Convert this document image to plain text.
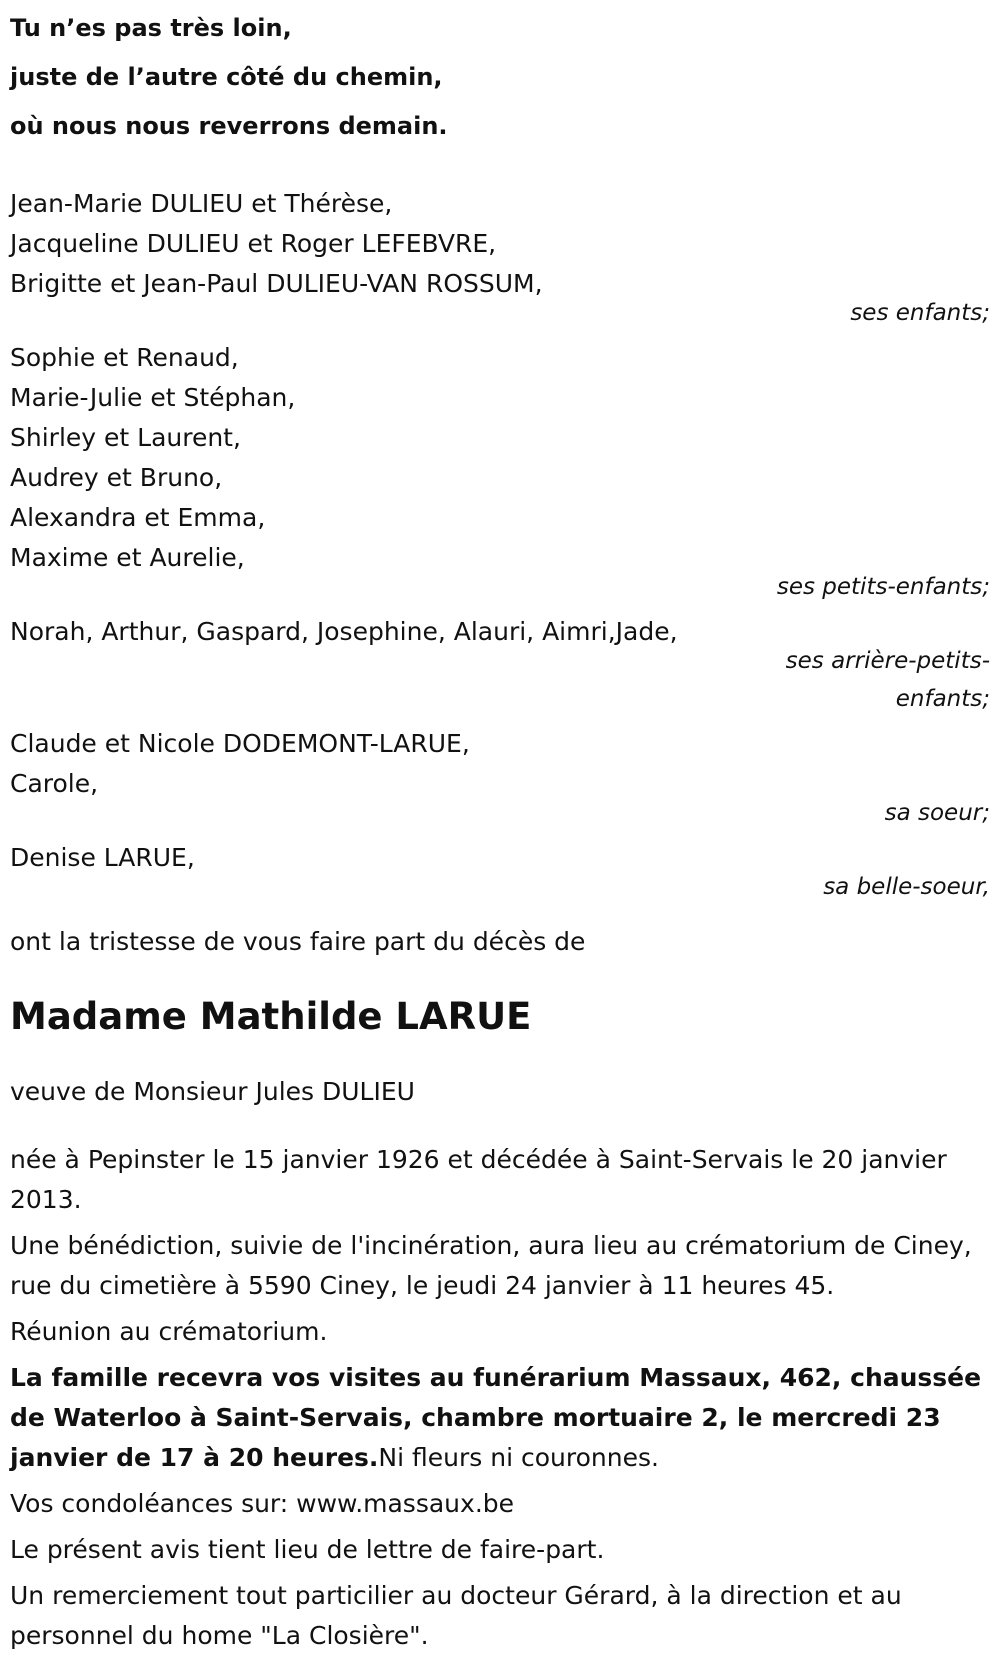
Tu n’es pas très loin,
juste de l’autre côté du chemin,
où nous nous reverrons demain.
Jean-Marie DULIEU et Thérèse,
Jacqueline DULIEU et Roger LEFEBVRE,
Brigitte et Jean-Paul DULIEU-VAN ROSSUM,
ses enfants;
Sophie et Renaud,
Marie-Julie et Stéphan,
Shirley et Laurent,
Audrey et Bruno,
Alexandra et Emma,
Maxime et Aurelie,
ses petits-enfants;
Norah, Arthur, Gaspard, Josephine, Alauri, Aimri,Jade,
ses arrière-petits-
enfants;
Claude et Nicole DODEMONT-LARUE,
Carole,
sa soeur;
Denise LARUE,
sa belle-soeur,
ont la tristesse de vous faire part du décès de
Madame Mathilde LARUE
veuve de Monsieur Jules DULIEU
née à Pepinster le 15 janvier 1926 et décédée à Saint-Servais le 20 janvier 2013.
Une bénédiction, suivie de l'incinération, aura lieu au crématorium de Ciney, rue du cimetière à 5590 Ciney, le jeudi 24 janvier à 11 heures 45.
Réunion au crématorium.
La famille recevra vos visites au funérarium Massaux, 462, chaussée de Waterloo à Saint-Servais, chambre mortuaire 2, le mercredi 23 janvier de 17 à 20 heures.Ni fleurs ni couronnes.
Vos condoléances sur: www.massaux.be
Le présent avis tient lieu de lettre de faire-part.
Un remerciement tout particilier au docteur Gérard, à la direction et au personnel du home "La Closière".
